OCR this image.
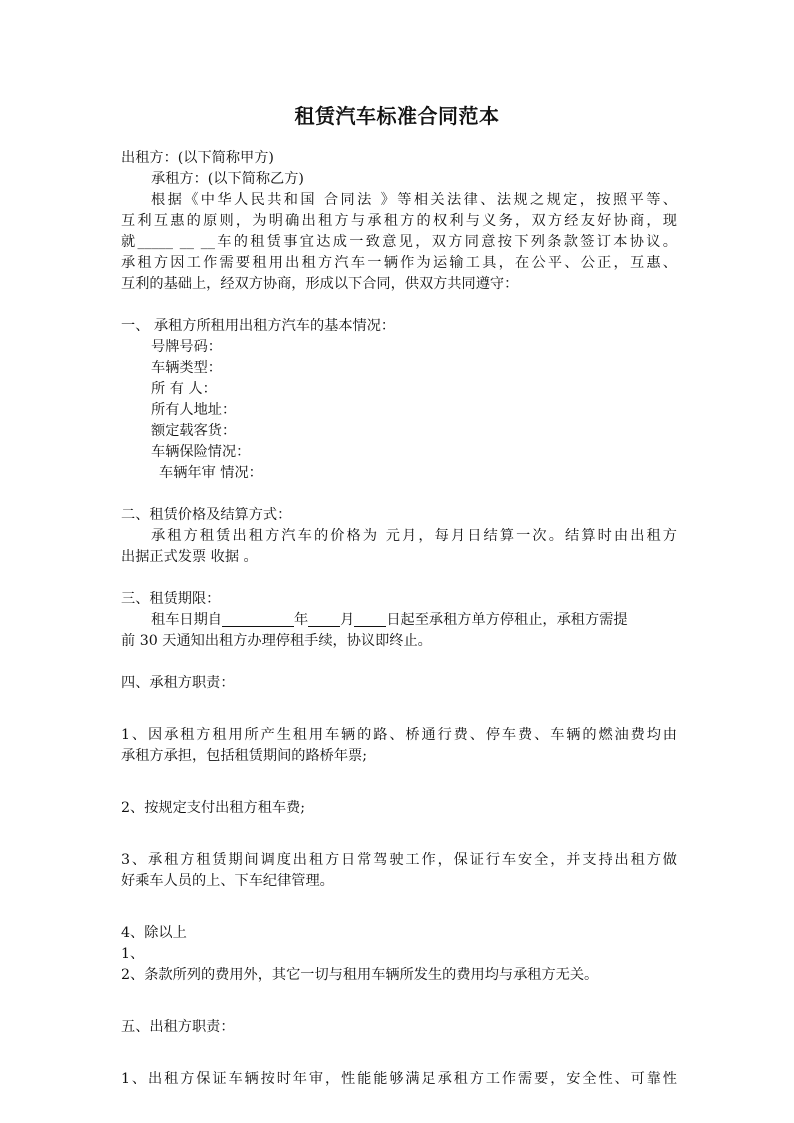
租赁汽车标准合同范本
出租方：(以下简称甲方)
承租方：(以下简称乙方)
根据《中华人民共和国 合同法 》等相关法律、法规之规定，按照平等、
互利互惠的原则，为明确出租方与承租方的权利与义务，双方经友好协商，现
就_____ __ __车的租赁事宜达成一致意见，双方同意按下列条款签订本协议。
承租方因工作需要租用出租方汽车一辆作为运输工具，在公平、公正，互惠、
互利的基础上，经双方协商，形成以下合同，供双方共同遵守：
一、 承租方所租用出租方汽车的基本情况：
号牌号码：
车辆类型：
所 有 人：
所有人地址：
额定载客货：
车辆保险情况：
车辆年审 情况：
二、租赁价格及结算方式：
承租方租赁出租方汽车的价格为 元月，每月日结算一次。结算时由出租方
出据正式发票 收据 。
三、租赁期限：
租车日期自	年 月 日起至承租方单方停租止，承租方需提
前 30 天通知出租方办理停租手续，协议即终止。
四、承租方职责：
1、因承租方租用所产生租用车辆的路、桥通行费、停车费、车辆的燃油费均由
承租方承担，包括租赁期间的路桥年票;
2、按规定支付出租方租车费;
3、承租方租赁期间调度出租方日常驾驶工作，保证行车安全，并支持出租方做
好乘车人员的上、下车纪律管理。
4、除以上
1、
2、条款所列的费用外，其它一切与租用车辆所发生的费用均与承租方无关。
五、出租方职责：
1、出租方保证车辆按时年审，性能能够满足承租方工作需要，安全性、可靠性
